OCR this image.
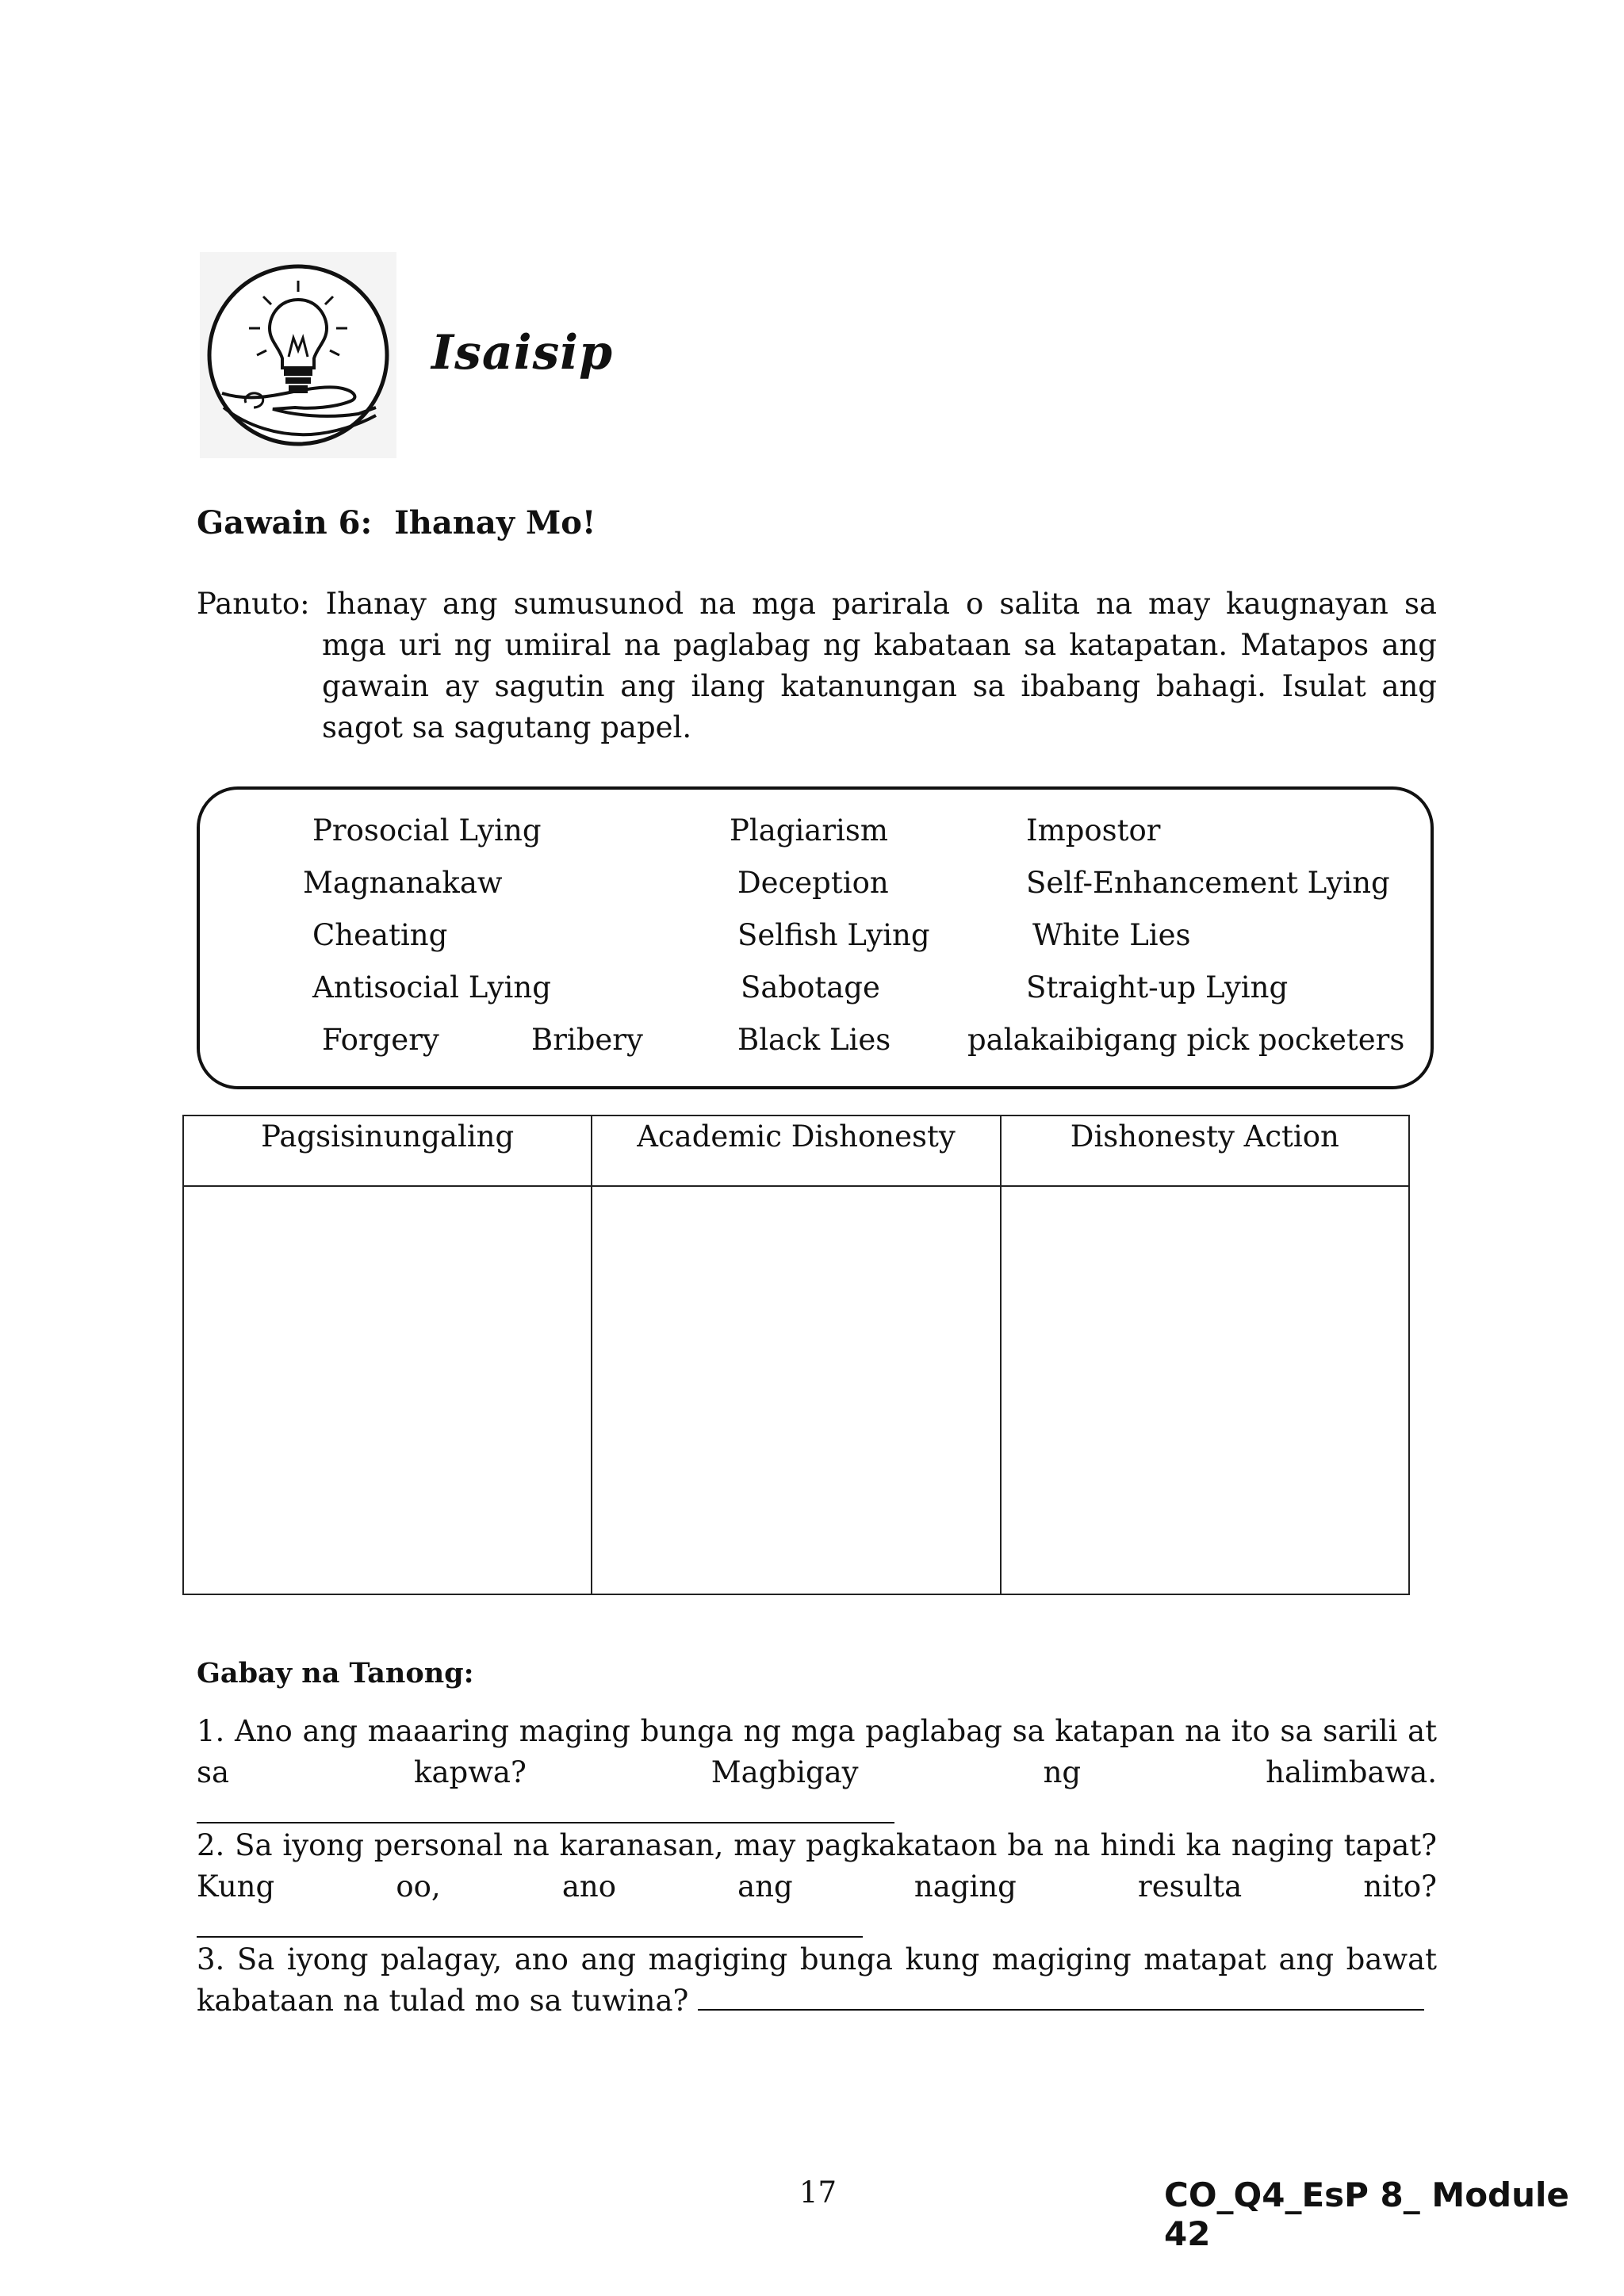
Isaisip
Gawain 6:  Ihanay Mo!
Panuto: Ihanay ang sumusunod na mga parirala o salita na may kaugnayan sa
mga uri ng umiiral na paglabag ng kabataan sa katapatan. Matapos ang gawain ay sagutin ang ilang katanungan sa ibabang bahagi. Isulat ang sagot sa sagutang papel.
Prosocial Lying	Plagiarism	Impostor
Magnanakaw	Deception	Self-Enhancement Lying
Cheating	Selfish Lying	White Lies
Antisocial Lying	Sabotage	Straight-up Lying
Forgery	Bribery	Black Lies	palakaibigang pick pocketers
Pagsisinungaling	Academic Dishonesty	Dishonesty Action

Gabay na Tanong:
1. Ano ang maaaring maging bunga ng mga paglabag sa katapan na ito sa sarili at sa kapwa? Magbigay ng halimbawa.
2. Sa iyong personal na karanasan, may pagkakataon ba na hindi ka naging tapat? Kung oo, ano ang naging resulta nito?
3. Sa iyong palagay, ano ang magiging bunga kung magiging matapat ang bawat kabataan na tulad mo sa tuwina?
17	CO_Q4_EsP 8_ Module 42
